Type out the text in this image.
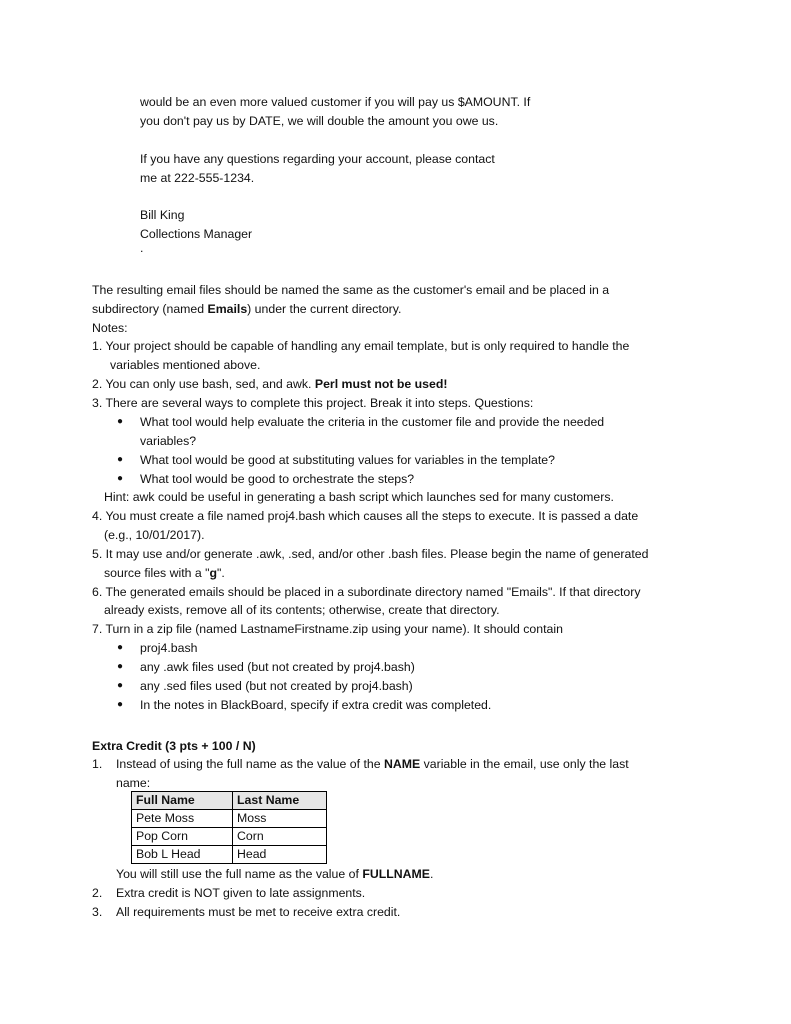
would be an even more valued customer if you will pay us $AMOUNT. If
you don't pay us by DATE, we will double the amount you owe us.
If you have any questions regarding your account, please contact
me at 222-555-1234.
Bill King
Collections Manager
.
The resulting email files should be named the same as the customer's email and be placed in a
subdirectory (named Emails) under the current directory.
Notes:
1. Your project should be capable of handling any email template, but is only required to handle the
variables mentioned above.
2. You can only use bash, sed, and awk. Perl must not be used!
3. There are several ways to complete this project. Break it into steps. Questions:
● What tool would help evaluate the criteria in the customer file and provide the needed
variables?
● What tool would be good at substituting values for variables in the template?
● What tool would be good to orchestrate the steps?
Hint: awk could be useful in generating a bash script which launches sed for many customers.
4. You must create a file named proj4.bash which causes all the steps to execute. It is passed a date
(e.g., 10/01/2017).
5. It may use and/or generate .awk, .sed, and/or other .bash files. Please begin the name of generated
source files with a "g".
6. The generated emails should be placed in a subordinate directory named "Emails". If that directory
already exists, remove all of its contents; otherwise, create that directory.
7. Turn in a zip file (named LastnameFirstname.zip using your name). It should contain
● proj4.bash
● any .awk files used (but not created by proj4.bash)
● any .sed files used (but not created by proj4.bash)
● In the notes in BlackBoard, specify if extra credit was completed.
Extra Credit (3 pts + 100 / N)
1. Instead of using the full name as the value of the NAME variable in the email, use only the last
name:
Full Name	Last Name
Pete Moss	Moss
Pop Corn	Corn
Bob L Head	Head
You will still use the full name as the value of FULLNAME.
2. Extra credit is NOT given to late assignments.
3. All requirements must be met to receive extra credit.
